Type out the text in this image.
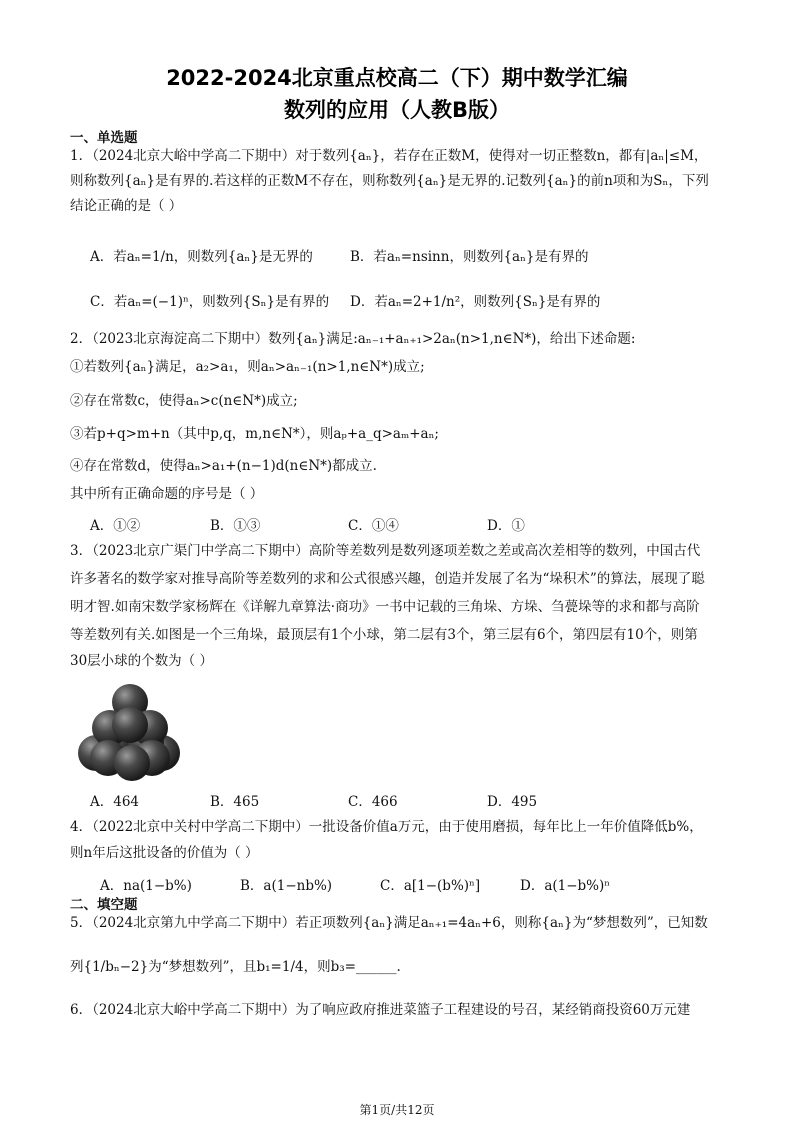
2022-2024北京重点校高二（下）期中数学汇编
数列的应用（人教B版）
一、单选题
1．（2024北京大峪中学高二下期中）对于数列{aₙ}，若存在正数M，使得对一切正整数n，都有|aₙ|≤M，
则称数列{aₙ}是有界的.若这样的正数M不存在，则称数列{aₙ}是无界的.记数列{aₙ}的前n项和为Sₙ，下列
结论正确的是（ ）
A．若aₙ=1/n，则数列{aₙ}是无界的	B．若aₙ=nsinn，则数列{aₙ}是有界的
C．若aₙ=(−1)ⁿ，则数列{Sₙ}是有界的 D．若aₙ=2+1/n²，则数列{Sₙ}是有界的
2．（2023北京海淀高二下期中）数列{aₙ}满足:aₙ₋₁+aₙ₊₁>2aₙ(n>1,n∈N*)，给出下述命题:
①若数列{aₙ}满足，a₂>a₁，则aₙ>aₙ₋₁(n>1,n∈N*)成立;
②存在常数c，使得aₙ>c(n∈N*)成立;
③若p+q>m+n（其中p,q，m,n∈N*），则aₚ+a_q>aₘ+aₙ;
④存在常数d，使得aₙ>a₁+(n−1)d(n∈N*)都成立.
其中所有正确命题的序号是（ ）
A．①②	B．①③	C．①④	D．①
3．（2023北京广渠门中学高二下期中）高阶等差数列是数列逐项差数之差或高次差相等的数列，中国古代
许多著名的数学家对推导高阶等差数列的求和公式很感兴趣，创造并发展了名为“垛积术”的算法，展现了聪
明才智.如南宋数学家杨辉在《详解九章算法·商功》一书中记载的三角垛、方垛、刍甍垛等的求和都与高阶
等差数列有关.如图是一个三角垛，最顶层有1个小球，第二层有3个，第三层有6个，第四层有10个，则第
30层小球的个数为（ ）
A．464	B．465	C．466	D．495
4．（2022北京中关村中学高二下期中）一批设备价值a万元，由于使用磨损，每年比上一年价值降低b%，
则n年后这批设备的价值为（ ）
A．na(1−b%)	B．a(1−nb%)	C．a[1−(b%)ⁿ]	D．a(1−b%)ⁿ
二、填空题
5．（2024北京第九中学高二下期中）若正项数列{aₙ}满足aₙ₊₁=4aₙ+6，则称{aₙ}为“梦想数列”，已知数
列{1/bₙ−2}为“梦想数列”，且b₁=1/4，则b₃=______.
6．（2024北京大峪中学高二下期中）为了响应政府推进菜篮子工程建设的号召，某经销商投资60万元建
第1页/共12页
